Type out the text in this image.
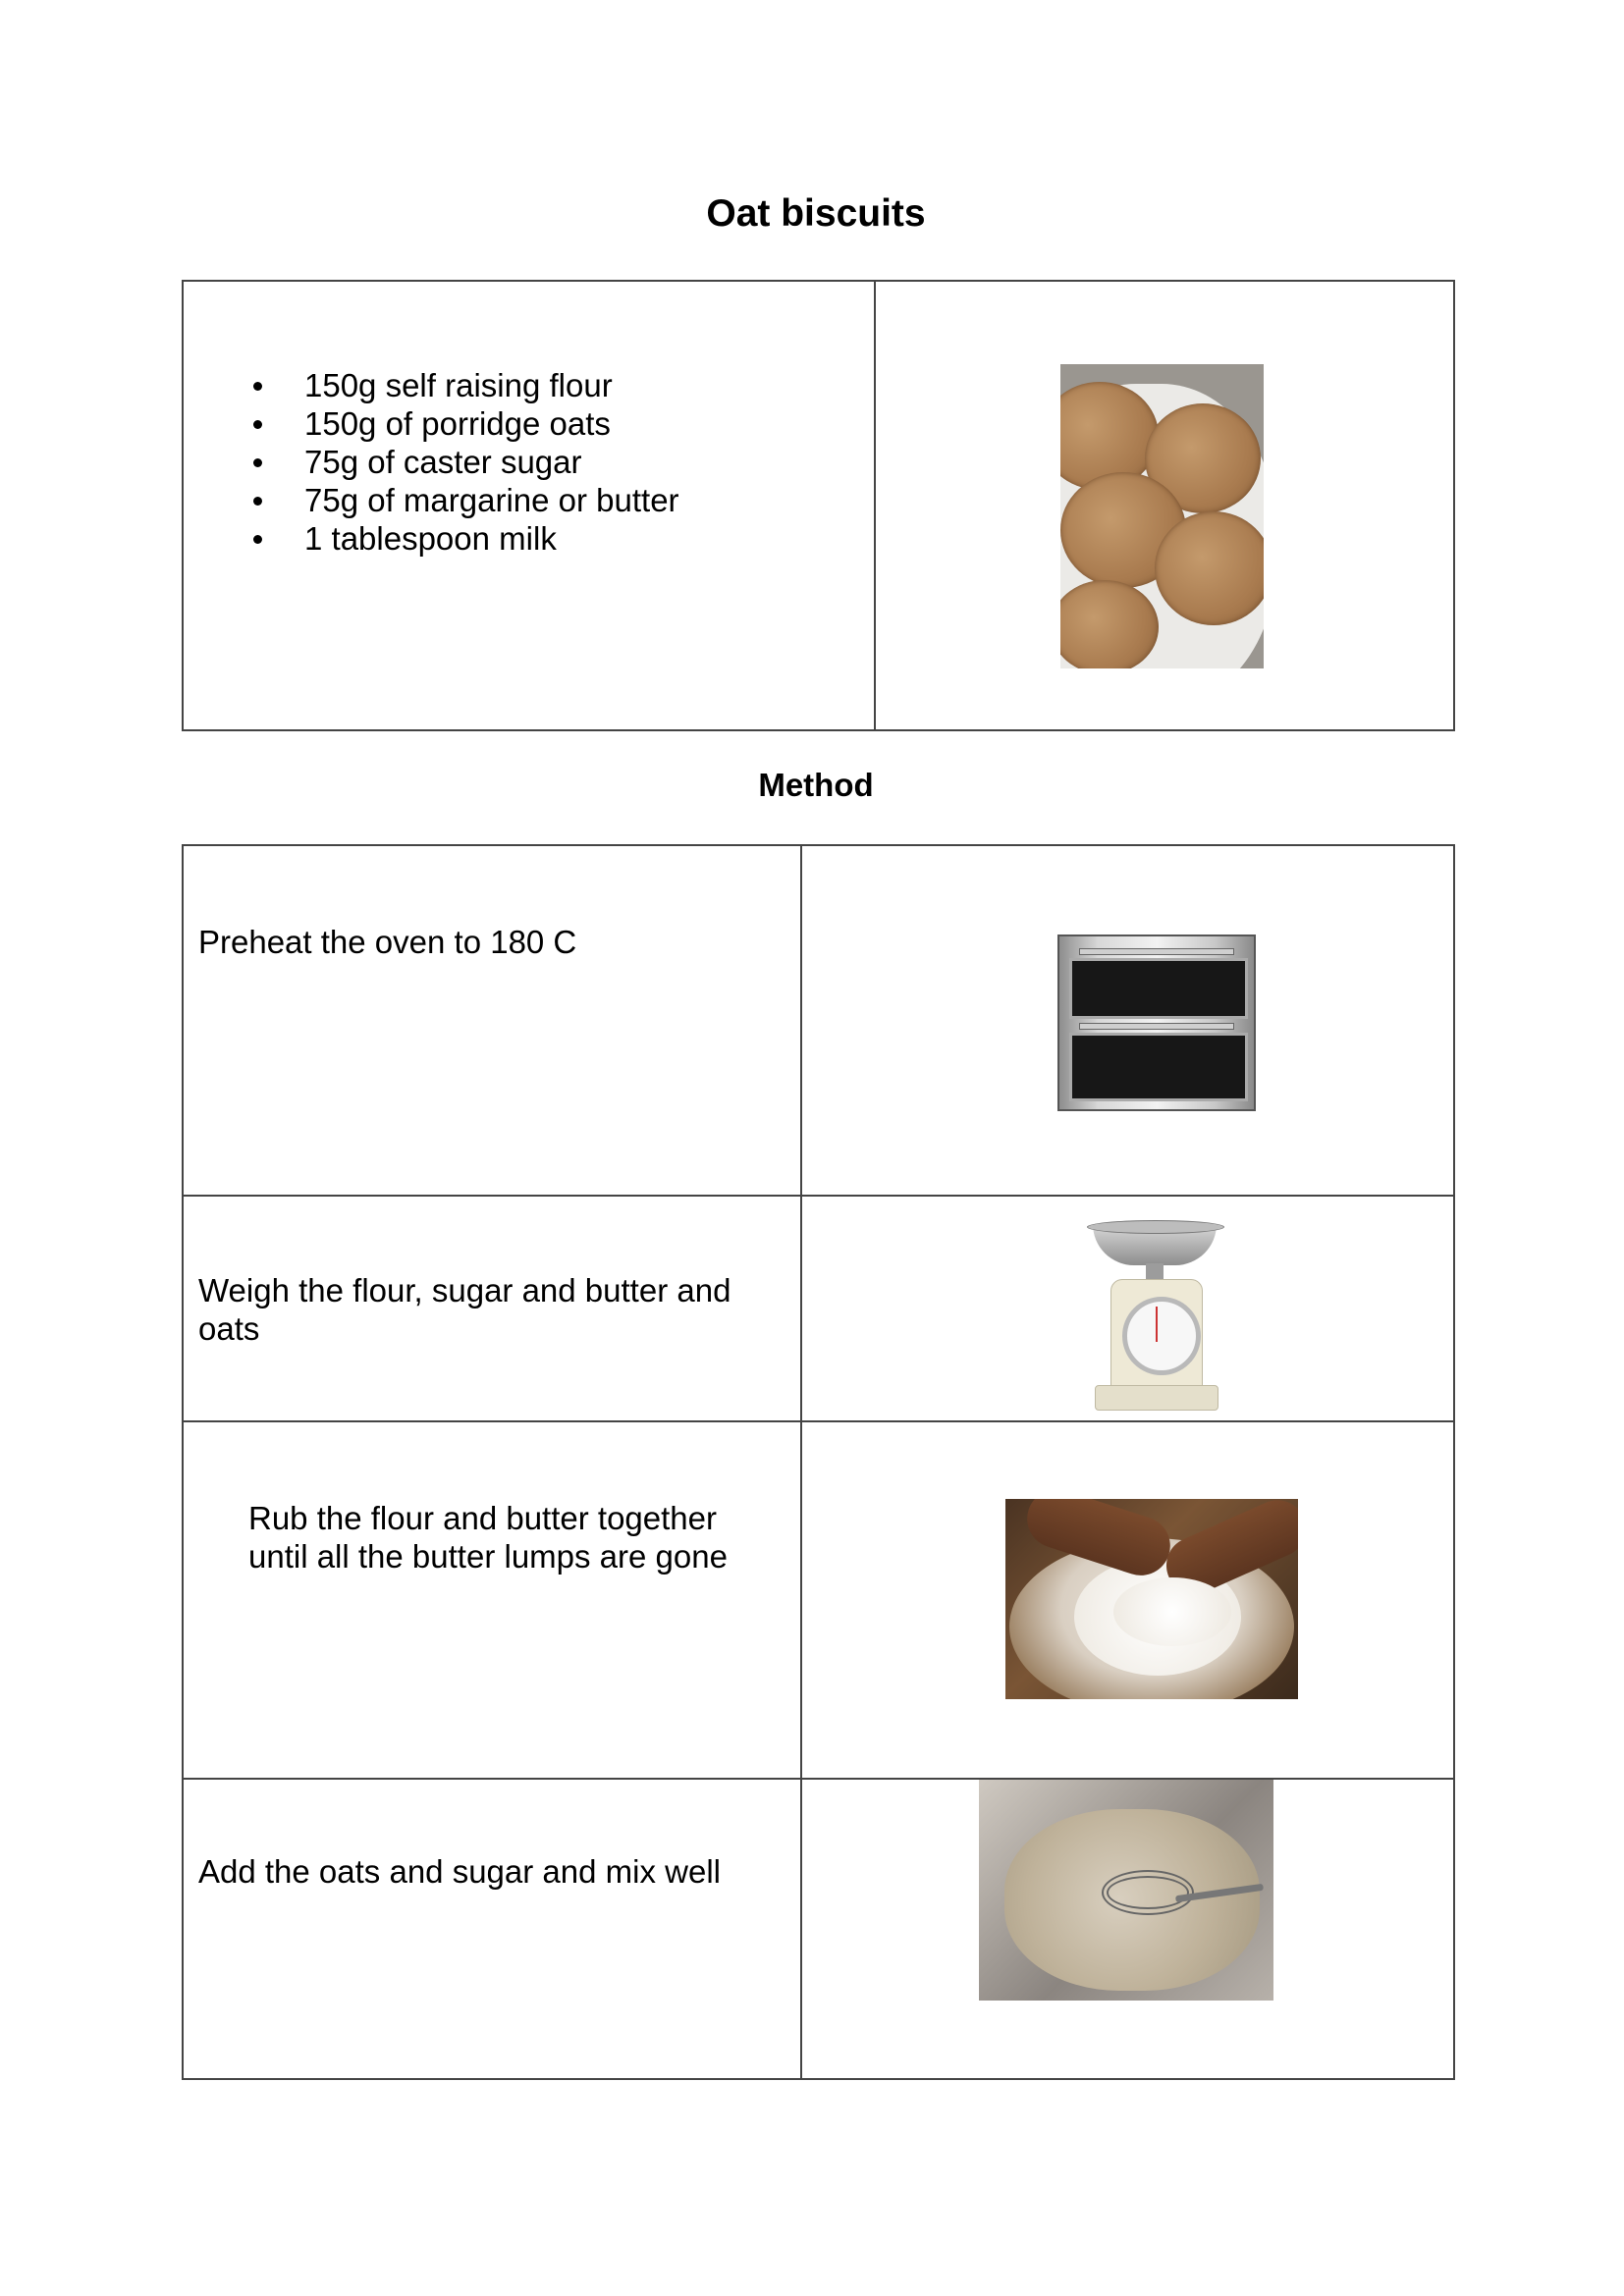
Oat biscuits
150g self raising flour
150g of porridge oats
75g of caster sugar
75g of margarine or butter
1 tablespoon milk

Method
Preheat the oven to 180 C	

Weigh the flour, sugar and butter and oats	

Rub the flour and butter together until all the butter lumps are gone	

Add the oats and sugar and mix well	
